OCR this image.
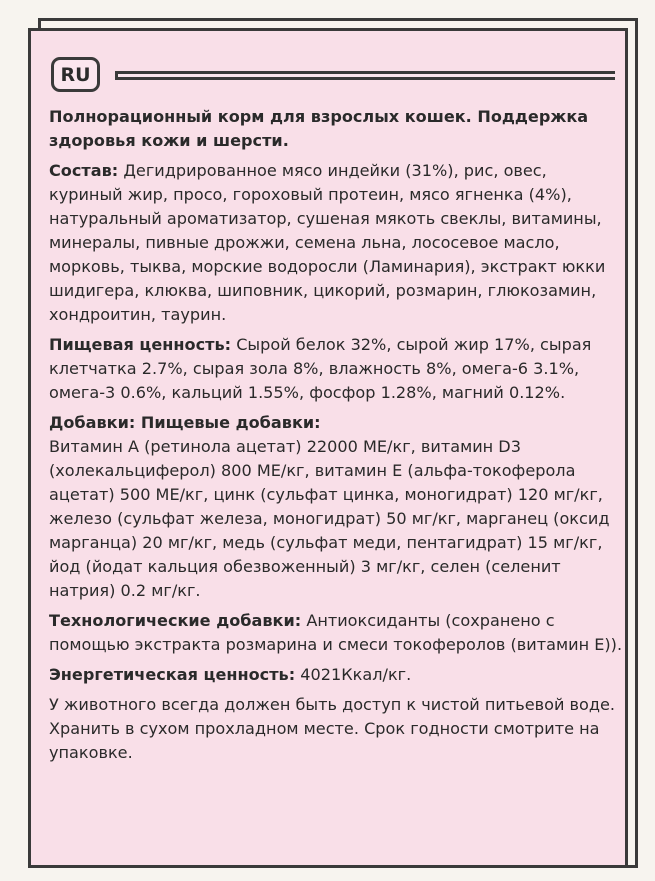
RU
Полнорационный корм для взрослых кошек. Поддержка здоровья кожи и шерсти.
Состав: Дегидрированное мясо индейки (31%), рис, овес, куриный жир, просо, гороховый протеин, мясо ягненка (4%), натуральный ароматизатор, сушеная мякоть свеклы, витамины, минералы, пивные дрожжи, семена льна, лососевое масло, морковь, тыква, морские водоросли (Ламинария), экстракт юкки шидигера, клюква, шиповник, цикорий, розмарин, глюкозамин, хондроитин, таурин.
Пищевая ценность: Сырой белок 32%, сырой жир 17%, сырая клетчатка 2.7%, сырая зола 8%, влажность 8%, омега-6 3.1%, омега-3 0.6%, кальций 1.55%, фосфор 1.28%, магний 0.12%.
Добавки: Пищевые добавки:
Витамин А (ретинола ацетат) 22000 МЕ/кг, витамин D3 (холекальциферол) 800 МЕ/кг, витамин Е (альфа-токоферола ацетат) 500 МЕ/кг, цинк (сульфат цинка, моногидрат) 120 мг/кг, железо (сульфат железа, моногидрат) 50 мг/кг, марганец (оксид марганца) 20 мг/кг, медь (сульфат меди, пентагидрат) 15 мг/кг, йод (йодат кальция обезвоженный) 3 мг/кг, селен (селенит натрия) 0.2 мг/кг.
Технологические добавки: Антиоксиданты (сохранено с помощью экстракта розмарина и смеси токоферолов (витамин Е)).
Энергетическая ценность: 4021Ккал/кг.
У животного всегда должен быть доступ к чистой питьевой воде. Хранить в сухом прохладном месте. Срок годности смотрите на упаковке.
